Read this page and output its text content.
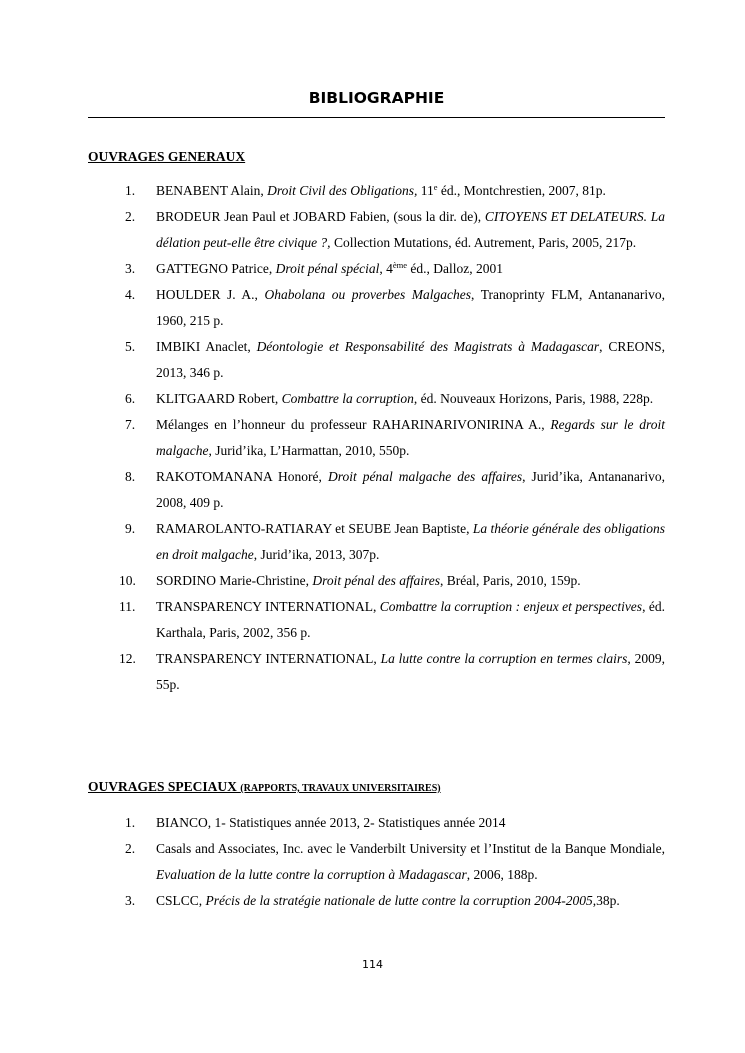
BIBLIOGRAPHIE
OUVRAGES GENERAUX
1. BENABENT Alain, Droit Civil des Obligations, 11e éd., Montchrestien, 2007, 81p.
2. BRODEUR Jean Paul et JOBARD Fabien, (sous la dir. de), CITOYENS ET DELATEURS. La délation peut-elle être civique ?, Collection Mutations, éd. Autrement, Paris, 2005, 217p.
3. GATTEGNO Patrice, Droit pénal spécial, 4ème éd., Dalloz, 2001
4. HOULDER J. A., Ohabolana ou proverbes Malgaches, Tranoprinty FLM, Antananarivo, 1960, 215 p.
5. IMBIKI Anaclet, Déontologie et Responsabilité des Magistrats à Madagascar, CREONS, 2013, 346 p.
6. KLITGAARD Robert, Combattre la corruption, éd. Nouveaux Horizons, Paris, 1988, 228p.
7. Mélanges en l’honneur du professeur RAHARINARIVONIRINA A., Regards sur le droit malgache, Jurid’ika, L’Harmattan, 2010, 550p.
8. RAKOTOMANANA Honoré, Droit pénal malgache des affaires, Jurid’ika, Antananarivo, 2008, 409 p.
9. RAMAROLANTO-RATIARAY et SEUBE Jean Baptiste, La théorie générale des obligations en droit malgache, Jurid’ika, 2013, 307p.
10. SORDINO Marie-Christine, Droit pénal des affaires, Bréal, Paris, 2010, 159p.
11. TRANSPARENCY INTERNATIONAL, Combattre la corruption : enjeux et perspectives, éd. Karthala, Paris, 2002, 356 p.
12. TRANSPARENCY INTERNATIONAL, La lutte contre la corruption en termes clairs, 2009, 55p.
OUVRAGES SPECIAUX (RAPPORTS, TRAVAUX UNIVERSITAIRES)
1. BIANCO, 1- Statistiques année 2013, 2- Statistiques année 2014
2. Casals and Associates, Inc. avec le Vanderbilt University et l’Institut de la Banque Mondiale, Evaluation de la lutte contre la corruption à Madagascar, 2006, 188p.
3. CSLCC, Précis de la stratégie nationale de lutte contre la corruption 2004-2005,38p.
114
